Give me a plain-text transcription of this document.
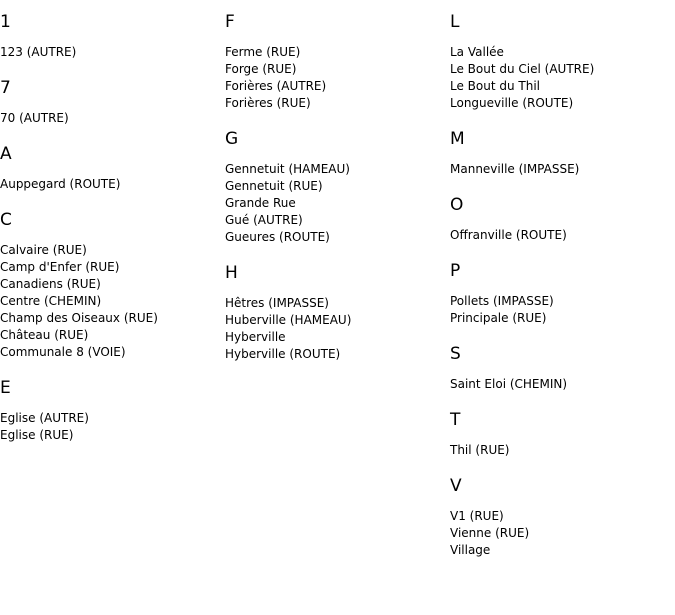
1
123 (AUTRE)
7
70 (AUTRE)
A
Auppegard (ROUTE)
C
Calvaire (RUE)
Camp d'Enfer (RUE)
Canadiens (RUE)
Centre (CHEMIN)
Champ des Oiseaux (RUE)
Château (RUE)
Communale 8 (VOIE)
E
Eglise (AUTRE)
Eglise (RUE)
F
Ferme (RUE)
Forge (RUE)
Forières (AUTRE)
Forières (RUE)
G
Gennetuit (HAMEAU)
Gennetuit (RUE)
Grande Rue
Gué (AUTRE)
Gueures (ROUTE)
H
Hêtres (IMPASSE)
Huberville (HAMEAU)
Hyberville
Hyberville (ROUTE)
L
La Vallée
Le Bout du Ciel (AUTRE)
Le Bout du Thil
Longueville (ROUTE)
M
Manneville (IMPASSE)
O
Offranville (ROUTE)
P
Pollets (IMPASSE)
Principale (RUE)
S
Saint Eloi (CHEMIN)
T
Thil (RUE)
V
V1 (RUE)
Vienne (RUE)
Village
